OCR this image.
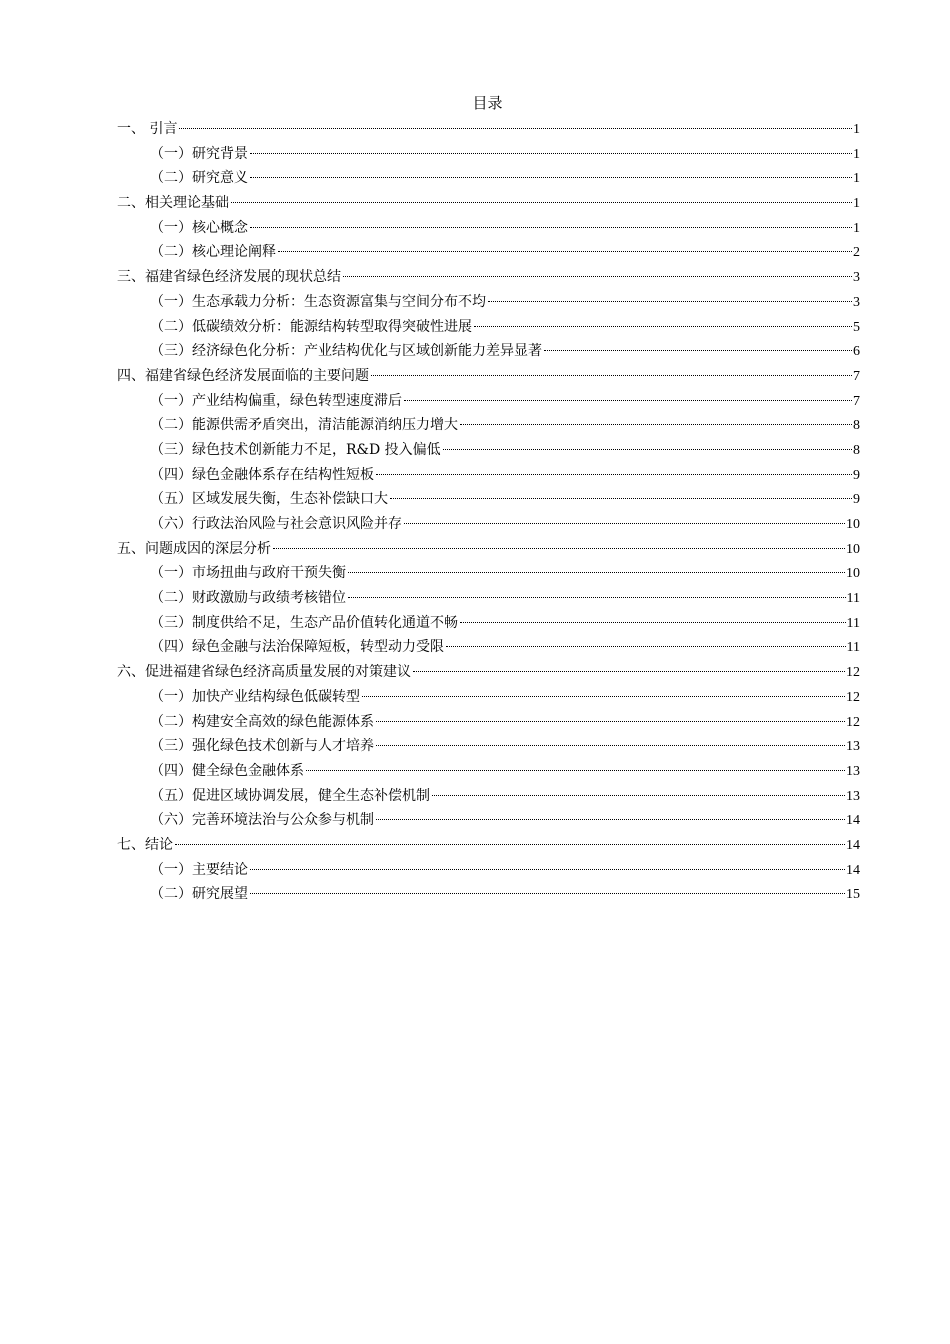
目录
一、 引言	1
（一）研究背景	1
（二）研究意义	1
二、相关理论基础	1
（一）核心概念	1
（二）核心理论阐释	2
三、福建省绿色经济发展的现状总结	3
（一）生态承载力分析：生态资源富集与空间分布不均	3
（二）低碳绩效分析：能源结构转型取得突破性进展	5
（三）经济绿色化分析：产业结构优化与区域创新能力差异显著	6
四、福建省绿色经济发展面临的主要问题	7
（一）产业结构偏重，绿色转型速度滞后	7
（二）能源供需矛盾突出，清洁能源消纳压力增大	8
（三）绿色技术创新能力不足，R&D 投入偏低	8
（四）绿色金融体系存在结构性短板	9
（五）区域发展失衡，生态补偿缺口大	9
（六）行政法治风险与社会意识风险并存	10
五、问题成因的深层分析	10
（一）市场扭曲与政府干预失衡	10
（二）财政激励与政绩考核错位	11
（三）制度供给不足，生态产品价值转化通道不畅	11
（四）绿色金融与法治保障短板，转型动力受限	11
六、促进福建省绿色经济高质量发展的对策建议	12
（一）加快产业结构绿色低碳转型	12
（二）构建安全高效的绿色能源体系	12
（三）强化绿色技术创新与人才培养	13
（四）健全绿色金融体系	13
（五）促进区域协调发展，健全生态补偿机制	13
（六）完善环境法治与公众参与机制	14
七、结论	14
（一）主要结论	14
（二）研究展望	15
